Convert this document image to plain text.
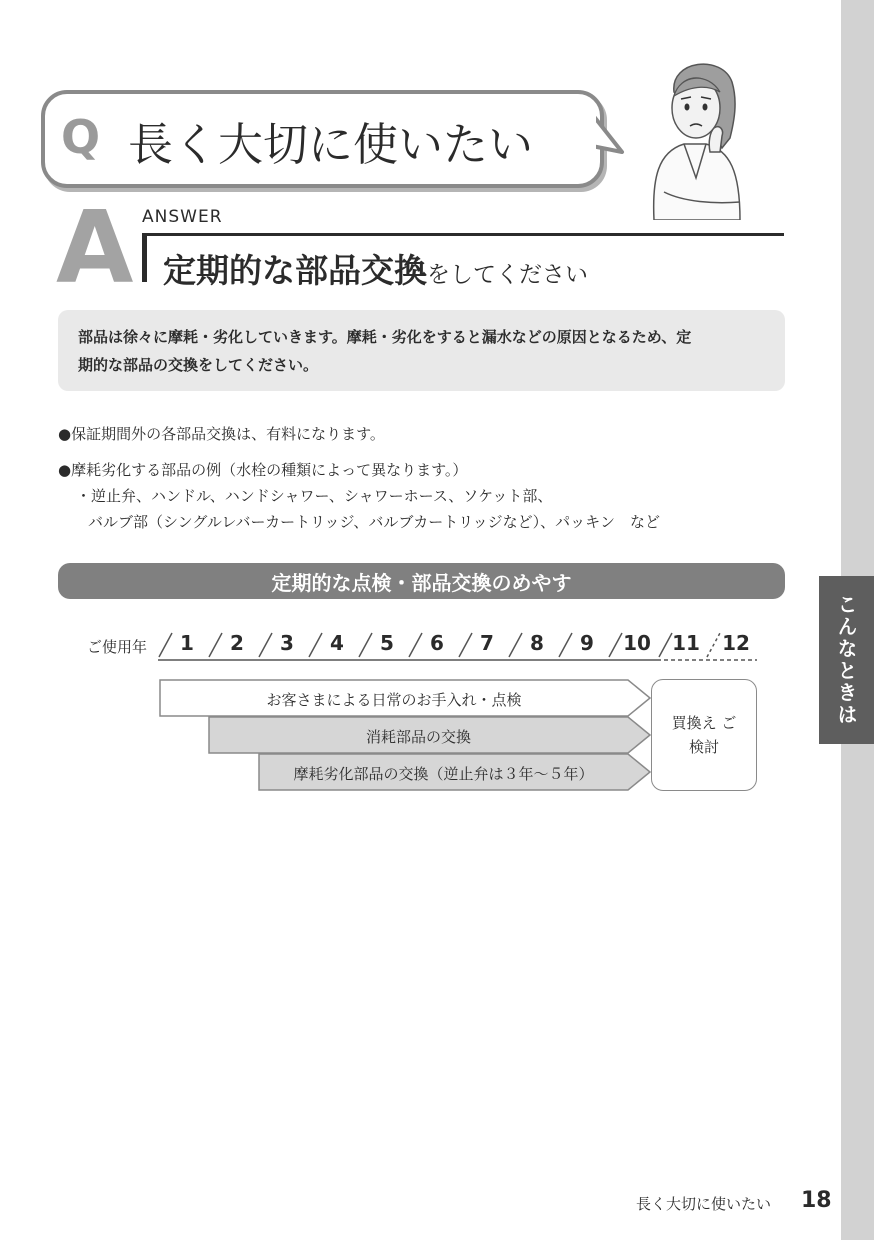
こんなときは
Q 長く大切に使いたい
A ANSWER
定期的な部品交換をしてください
部品は徐々に摩耗・劣化していきます。摩耗・劣化をすると漏水などの原因となるため、定
期的な部品の交換をしてください。
●保証期間外の各部品交換は、有料になります。
●摩耗劣化する部品の例（水栓の種類によって異なります。）
・逆止弁、ハンドル、ハンドシャワー、シャワーホース、ソケット部、
バルブ部（シングルレバーカートリッジ、バルブカートリッジなど）、パッキン　など
定期的な点検・部品交換のめやす
ご使用年	1	2	3	4	5	6	7	8	9	10 11 12
お客さまによる日常のお手入れ・点検
消耗部品の交換
摩耗劣化部品の交換（逆止弁は３年～５年）
買換え ご検討
長く大切に使いたい 18
